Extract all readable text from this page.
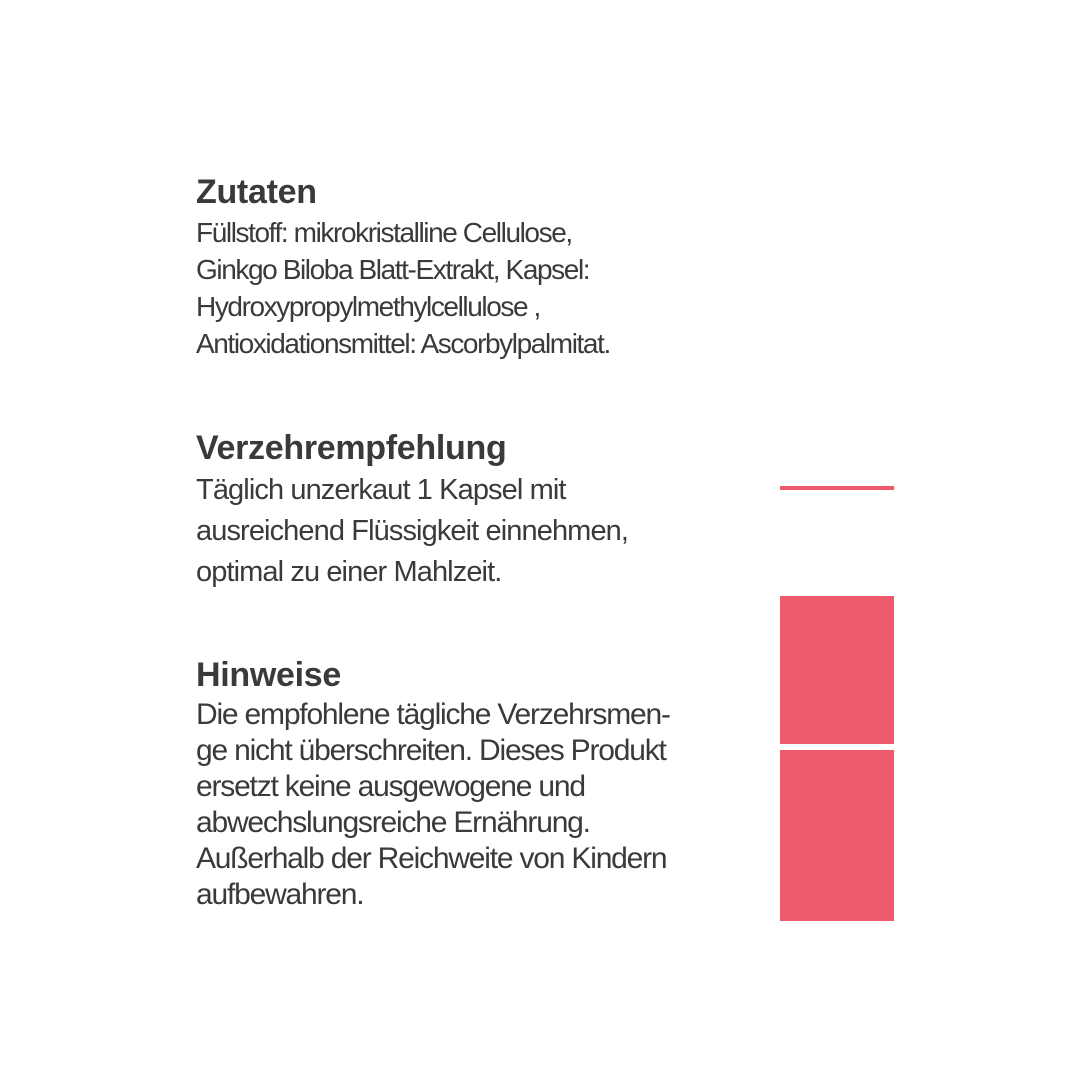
Zutaten

Füllstoff: mikrokristalline Cellulose,
Ginkgo Biloba Blatt-Extrakt, Kapsel:
Hydroxypropylmethylcellulose ,
Antioxidationsmittel: Ascorbylpalmitat.

Verzehrempfehlung

Täglich unzerkaut 1 Kapsel mit
ausreichend Flüssigkeit einnehmen,
optimal zu einer Mahlzeit.

Hinweise

Die empfohlene tägliche Verzehrsmen-
ge nicht überschreiten. Dieses Produkt
ersetzt keine ausgewogene und
abwechslungsreiche Ernährung.
Außerhalb der Reichweite von Kindern
aufbewahren.
